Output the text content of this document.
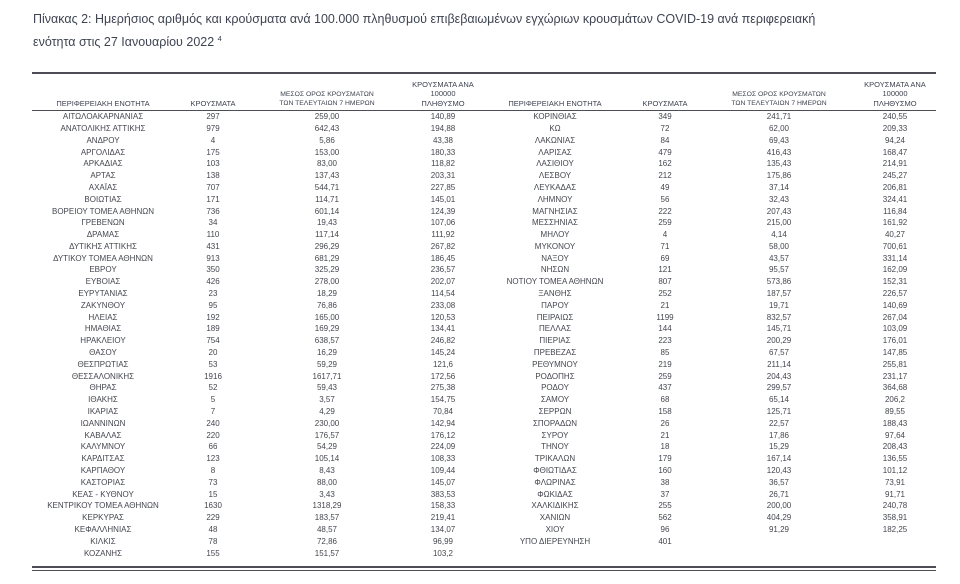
Πίνακας 2: Ημερήσιος αριθμός και κρούσματα ανά 100.000 πληθυσμού επιβεβαιωμένων εγχώριων κρουσμάτων COVID-19 ανά περιφερειακή
ενότητα στις 27 Ιανουαρίου 2022 $^4$
ΠΕΡΙΦΕΡΕΙΑΚΗ ΕΝΟΤΗΤΑ	ΚΡΟΥΣΜΑΤΑ	ΜΕΣΟΣ ΟΡΟΣ ΚΡΟΥΣΜΑΤΩΝ
ΤΩΝ ΤΕΛΕΥΤΑΙΩΝ 7 ΗΜΕΡΩΝ	ΚΡΟΥΣΜΑΤΑ ΑΝΑ 100000
ΠΛΗΘΥΣΜΟ	ΠΕΡΙΦΕΡΕΙΑΚΗ ΕΝΟΤΗΤΑ	ΚΡΟΥΣΜΑΤΑ	ΜΕΣΟΣ ΟΡΟΣ ΚΡΟΥΣΜΑΤΩΝ
ΤΩΝ ΤΕΛΕΥΤΑΙΩΝ 7 ΗΜΕΡΩΝ	ΚΡΟΥΣΜΑΤΑ ΑΝΑ 100000
ΠΛΗΘΥΣΜΟ

ΑΙΤΩΛΟΑΚΑΡΝΑΝΙΑΣ	297	259,00	140,89	ΚΟΡΙΝΘΙΑΣ	349	241,71	240,55
ΑΝΑΤΟΛΙΚΗΣ ΑΤΤΙΚΗΣ	979	642,43	194,88	ΚΩ	72	62,00	209,33
ΑΝΔΡΟΥ	4	5,86	43,38	ΛΑΚΩΝΙΑΣ	84	69,43	94,24
ΑΡΓΟΛΙΔΑΣ	175	153,00	180,33	ΛΑΡΙΣΑΣ	479	416,43	168,47
ΑΡΚΑΔΙΑΣ	103	83,00	118,82	ΛΑΣΙΘΙΟΥ	162	135,43	214,91
ΑΡΤΑΣ	138	137,43	203,31	ΛΕΣΒΟΥ	212	175,86	245,27
ΑΧΑΪΑΣ	707	544,71	227,85	ΛΕΥΚΑΔΑΣ	49	37,14	206,81
ΒΟΙΩΤΙΑΣ	171	114,71	145,01	ΛΗΜΝΟΥ	56	32,43	324,41
ΒΟΡΕΙΟΥ ΤΟΜΕΑ ΑΘΗΝΩΝ	736	601,14	124,39	ΜΑΓΝΗΣΙΑΣ	222	207,43	116,84
ΓΡΕΒΕΝΩΝ	34	19,43	107,06	ΜΕΣΣΗΝΙΑΣ	259	215,00	161,92
ΔΡΑΜΑΣ	110	117,14	111,92	ΜΗΛΟΥ	4	4,14	40,27
ΔΥΤΙΚΗΣ ΑΤΤΙΚΗΣ	431	296,29	267,82	ΜΥΚΟΝΟΥ	71	58,00	700,61
ΔΥΤΙΚΟΥ ΤΟΜΕΑ ΑΘΗΝΩΝ	913	681,29	186,45	ΝΑΞΟΥ	69	43,57	331,14
ΕΒΡΟΥ	350	325,29	236,57	ΝΗΣΩΝ	121	95,57	162,09
ΕΥΒΟΙΑΣ	426	278,00	202,07	ΝΟΤΙΟΥ ΤΟΜΕΑ ΑΘΗΝΩΝ	807	573,86	152,31
ΕΥΡΥΤΑΝΙΑΣ	23	18,29	114,54	ΞΑΝΘΗΣ	252	187,57	226,57
ΖΑΚΥΝΘΟΥ	95	76,86	233,08	ΠΑΡΟΥ	21	19,71	140,69
ΗΛΕΙΑΣ	192	165,00	120,53	ΠΕΙΡΑΙΩΣ	1199	832,57	267,04
ΗΜΑΘΙΑΣ	189	169,29	134,41	ΠΕΛΛΑΣ	144	145,71	103,09
ΗΡΑΚΛΕΙΟΥ	754	638,57	246,82	ΠΙΕΡΙΑΣ	223	200,29	176,01
ΘΑΣΟΥ	20	16,29	145,24	ΠΡΕΒΕΖΑΣ	85	67,57	147,85
ΘΕΣΠΡΩΤΙΑΣ	53	59,29	121,6	ΡΕΘΥΜΝΟΥ	219	211,14	255,81
ΘΕΣΣΑΛΟΝΙΚΗΣ	1916	1617,71	172,56	ΡΟΔΟΠΗΣ	259	204,43	231,17
ΘΗΡΑΣ	52	59,43	275,38	ΡΟΔΟΥ	437	299,57	364,68
ΙΘΑΚΗΣ	5	3,57	154,75	ΣΑΜΟΥ	68	65,14	206,2
ΙΚΑΡΙΑΣ	7	4,29	70,84	ΣΕΡΡΩΝ	158	125,71	89,55
ΙΩΑΝΝΙΝΩΝ	240	230,00	142,94	ΣΠΟΡΑΔΩΝ	26	22,57	188,43
ΚΑΒΑΛΑΣ	220	176,57	176,12	ΣΥΡΟΥ	21	17,86	97,64
ΚΑΛΥΜΝΟΥ	66	54,29	224,09	ΤΗΝΟΥ	18	15,29	208,43
ΚΑΡΔΙΤΣΑΣ	123	105,14	108,33	ΤΡΙΚΑΛΩΝ	179	167,14	136,55
ΚΑΡΠΑΘΟΥ	8	8,43	109,44	ΦΘΙΩΤΙΔΑΣ	160	120,43	101,12
ΚΑΣΤΟΡΙΑΣ	73	88,00	145,07	ΦΛΩΡΙΝΑΣ	38	36,57	73,91
ΚΕΑΣ - ΚΥΘΝΟΥ	15	3,43	383,53	ΦΩΚΙΔΑΣ	37	26,71	91,71
ΚΕΝΤΡΙΚΟΥ ΤΟΜΕΑ ΑΘΗΝΩΝ	1630	1318,29	158,33	ΧΑΛΚΙΔΙΚΗΣ	255	200,00	240,78
ΚΕΡΚΥΡΑΣ	229	183,57	219,41	ΧΑΝΙΩΝ	562	404,29	358,91
ΚΕΦΑΛΛΗΝΙΑΣ	48	48,57	134,07	ΧΙΟΥ	96	91,29	182,25
ΚΙΛΚΙΣ	78	72,86	96,99	ΥΠΟ ΔΙΕΡΕΥΝΗΣΗ	401		
ΚΟΖΑΝΗΣ	155	151,57	103,2				
